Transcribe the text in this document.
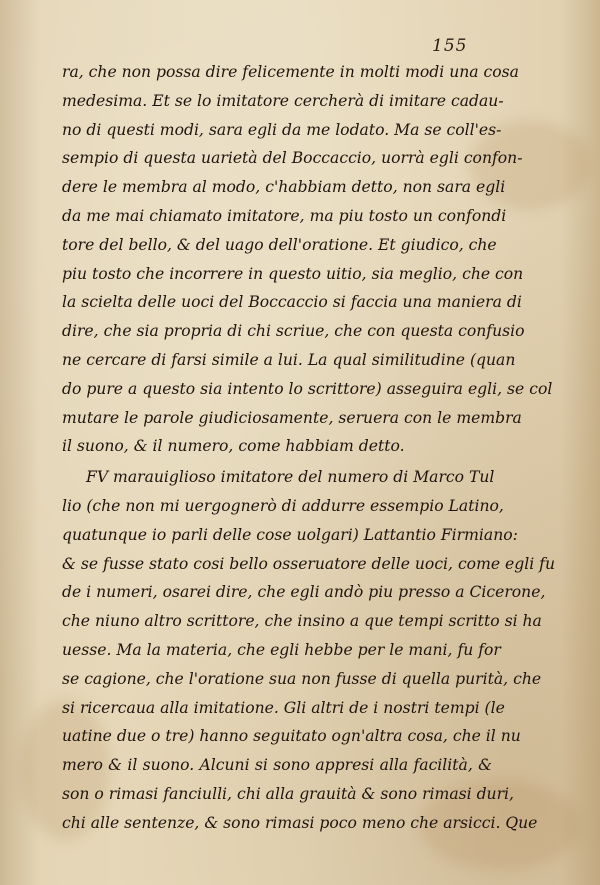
155
ra, che non possa dire felicemente in molti modi una cosa
medesima. Et se lo imitatore cercherà di imitare cadau-
no di questi modi, sara egli da me lodato. Ma se coll'es-
sempio di questa uarietà del Boccaccio, uorrà egli confon-
dere le membra al modo, c'habbiam detto, non sara egli
da me mai chiamato imitatore, ma piu tosto un confondi
tore del bello, & del uago dell'oratione. Et giudico, che
piu tosto che incorrere in questo uitio, sia meglio, che con
la scielta delle uoci del Boccaccio si faccia una maniera di
dire, che sia propria di chi scriue, che con questa confusio
ne cercare di farsi simile a lui. La qual similitudine (quan
do pure a questo sia intento lo scrittore) asseguira egli, se col
mutare le parole giudiciosamente, seruera con le membra
il suono, & il numero, come habbiam detto.
FV marauiglioso imitatore del numero di Marco Tul
lio (che non mi uergognerò di addurre essempio Latino,
quatunque io parli delle cose uolgari) Lattantio Firmiano:
& se fusse stato cosi bello osseruatore delle uoci, come egli fu
de i numeri, osarei dire, che egli andò piu presso a Cicerone,
che niuno altro scrittore, che insino a que tempi scritto si ha
uesse. Ma la materia, che egli hebbe per le mani, fu for
se cagione, che l'oratione sua non fusse di quella purità, che
si ricercaua alla imitatione. Gli altri de i nostri tempi (le
uatine due o tre) hanno seguitato ogn'altra cosa, che il nu
mero & il suono. Alcuni si sono appresi alla facilità, &
son o rimasi fanciulli, chi alla grauità & sono rimasi duri,
chi alle sentenze, & sono rimasi poco meno che arsicci. Que
